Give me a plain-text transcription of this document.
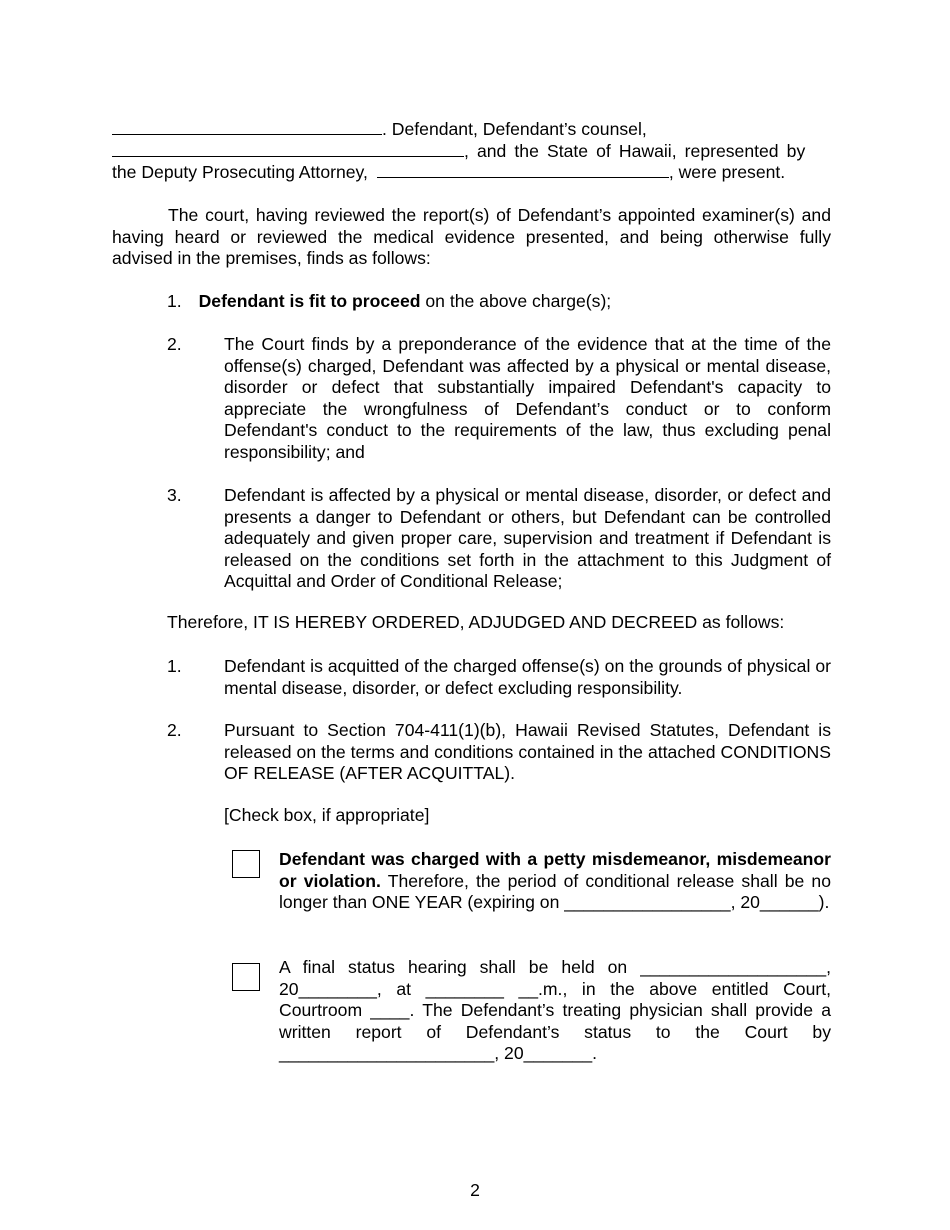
. Defendant, Defendant’s counsel,
, and the State of Hawaii, represented by
the Deputy Prosecuting Attorney,	, were present.
The court, having reviewed the report(s) of Defendant’s appointed examiner(s) and having heard or reviewed the medical evidence presented, and being otherwise fully advised in the premises, finds as follows:
1. Defendant is fit to proceed on the above charge(s);
2. The Court finds by a preponderance of the evidence that at the time of the offense(s) charged, Defendant was affected by a physical or mental disease, disorder or defect that substantially impaired Defendant's capacity to appreciate the wrongfulness of Defendant’s conduct or to conform Defendant's conduct to the requirements of the law, thus excluding penal responsibility; and
3. Defendant is affected by a physical or mental disease, disorder, or defect and presents a danger to Defendant or others, but Defendant can be controlled adequately and given proper care, supervision and treatment if Defendant is released on the conditions set forth in the attachment to this Judgment of Acquittal and Order of Conditional Release;
Therefore, IT IS HEREBY ORDERED, ADJUDGED AND DECREED as follows:
1. Defendant is acquitted of the charged offense(s) on the grounds of physical or mental disease, disorder, or defect excluding responsibility.
2. Pursuant to Section 704-411(1)(b), Hawaii Revised Statutes, Defendant is released on the terms and conditions contained in the attached CONDITIONS OF RELEASE (AFTER ACQUITTAL).
[Check box, if appropriate]
Defendant was charged with a petty misdemeanor, misdemeanor or violation. Therefore, the period of conditional release shall be no longer than ONE YEAR (expiring on _________________, 20______).
A final status hearing shall be held on ___________________, 20________, at ________ __.m., in the above entitled Court, Courtroom ____. The Defendant’s treating physician shall provide a written report of Defendant’s status to the Court by ______________________, 20_______.
2
